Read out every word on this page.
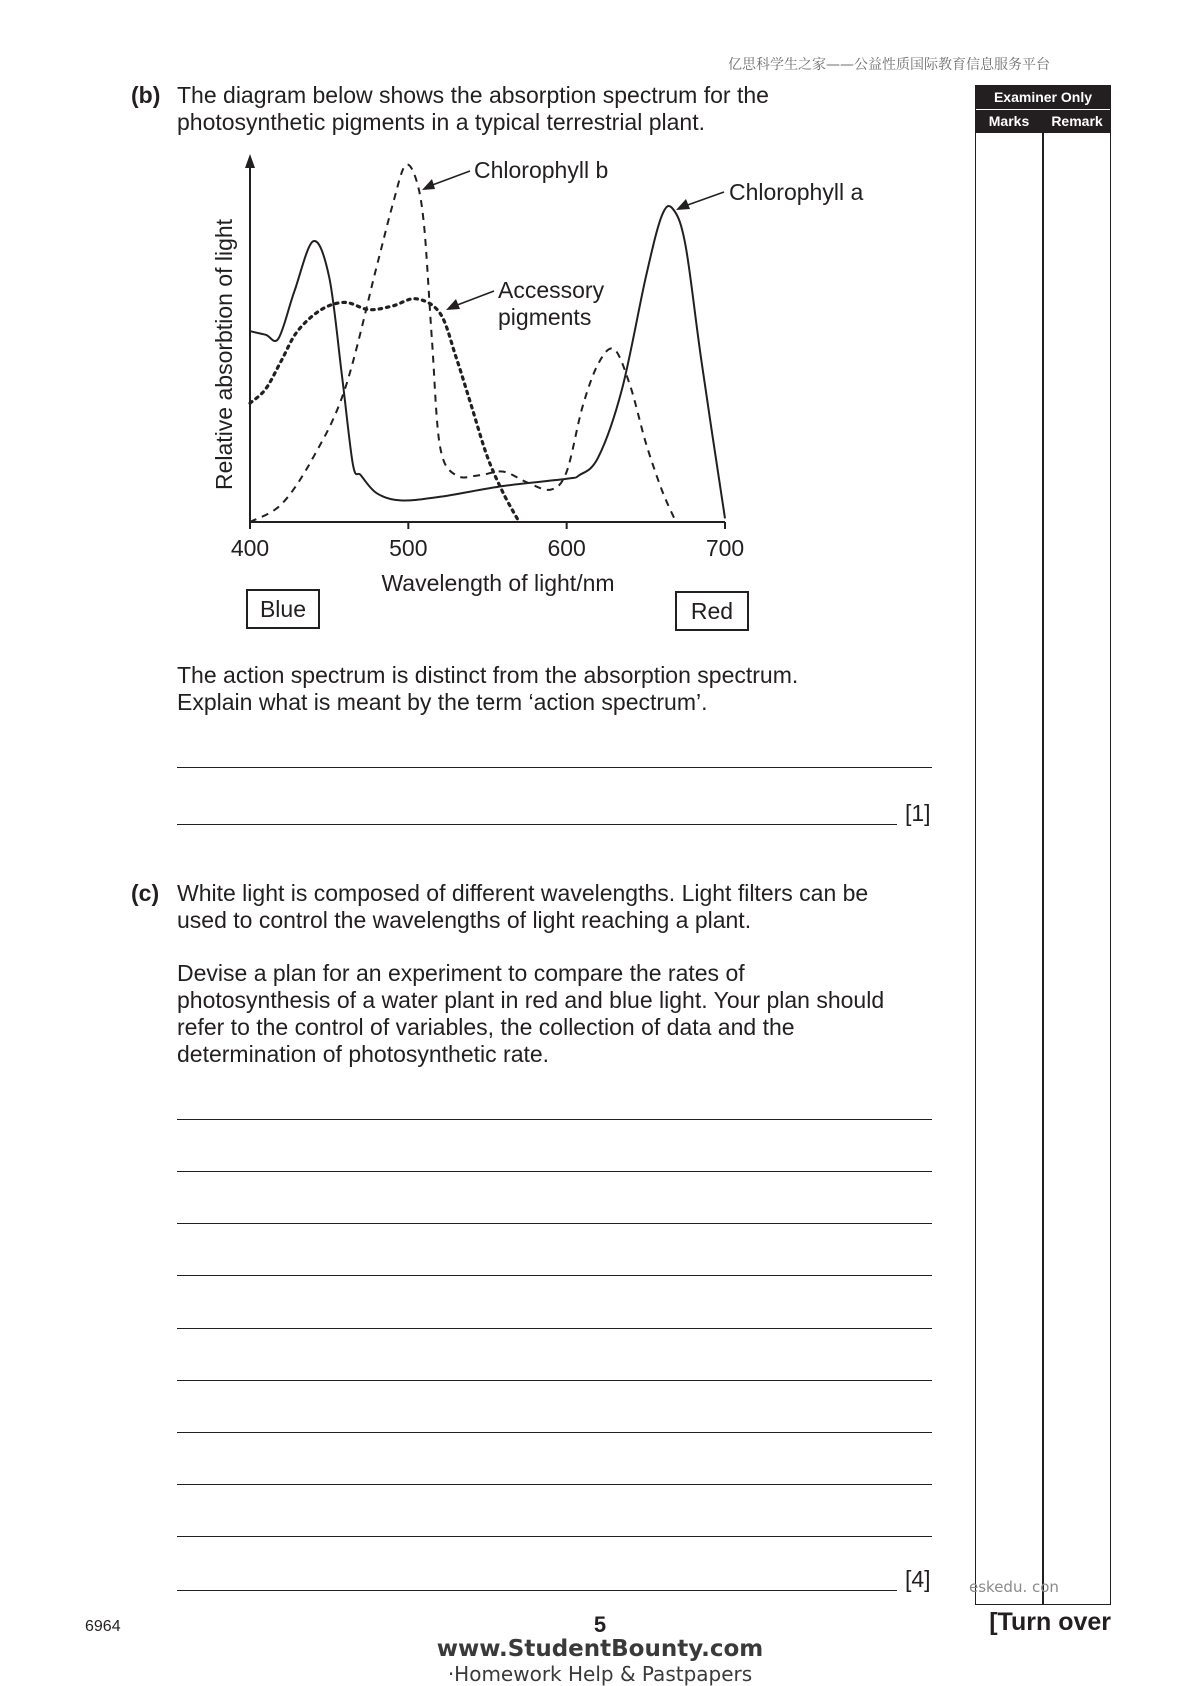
亿思科学生之家——公益性质国际教育信息服务平台
Examiner Only
Marks	Remark
(b) The diagram below shows the absorption spectrum for the
photosynthetic pigments in a typical terrestrial plant.
400	500	600	700
Relative absorbtion of light
Wavelength of light/nm
Blue	Red
Chlorophyll b
Chlorophyll a
Accessory
pigments
The action spectrum is distinct from the absorption spectrum.
Explain what is meant by the term ‘action spectrum’.
[1]
(c) White light is composed of different wavelengths. Light filters can be
used to control the wavelengths of light reaching a plant.
Devise a plan for an experiment to compare the rates of
photosynthesis of a water plant in red and blue light. Your plan should
refer to the control of variables, the collection of data and the
determination of photosynthetic rate.
[4]	eskedu. con
6964	5	[Turn over
www.StudentBounty.com
·Homework Help & Pastpapers
